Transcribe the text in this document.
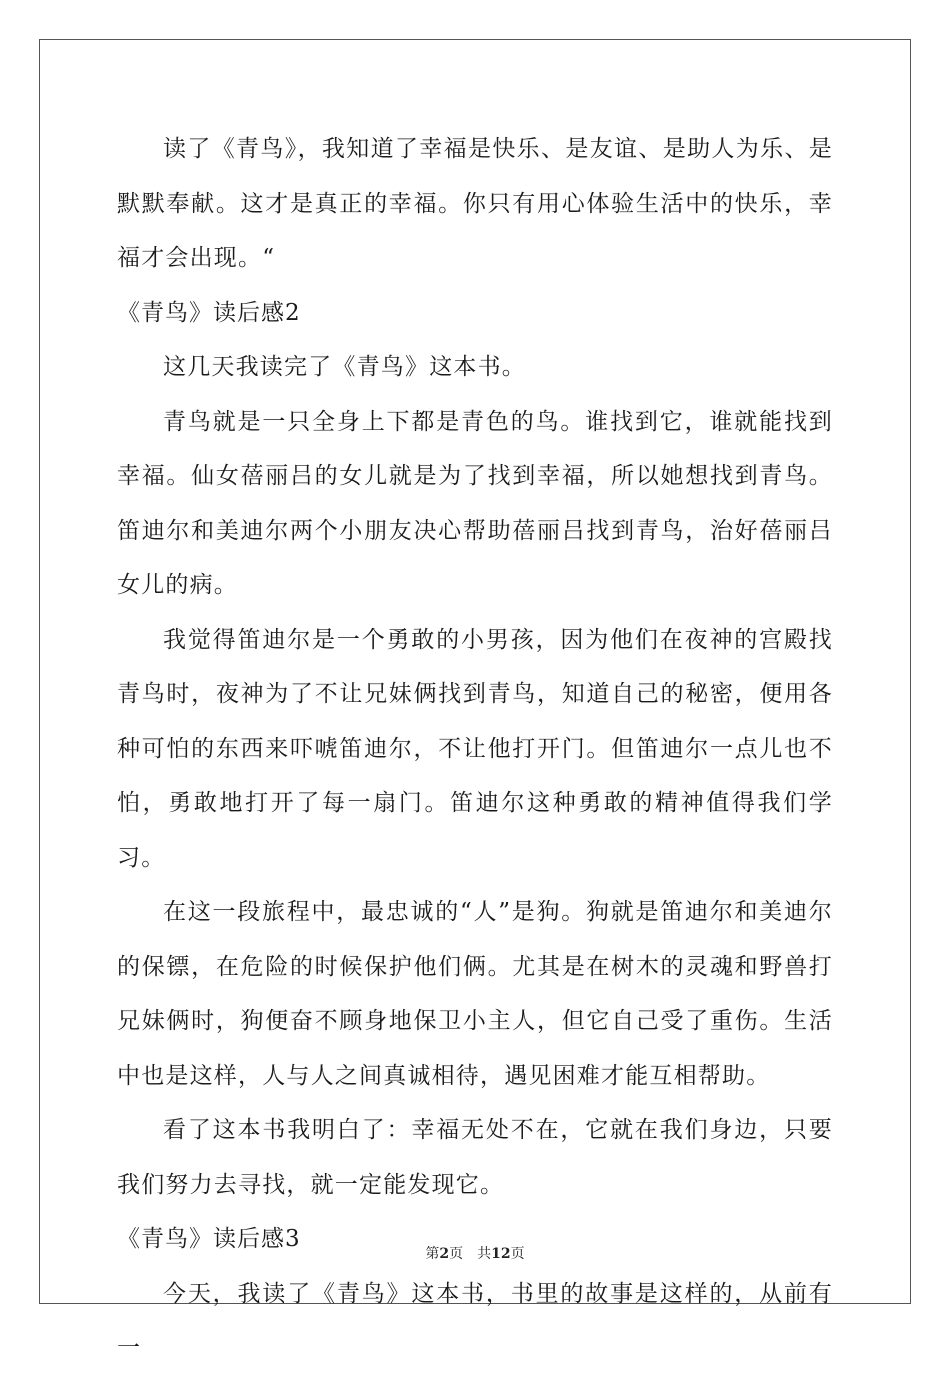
读了《青鸟》，我知道了幸福是快乐、是友谊、是助人为乐、是默默奉献。这才是真正的幸福。你只有用心体验生活中的快乐，幸福才会出现。“

《青鸟》读后感2

这几天我读完了《青鸟》这本书。

青鸟就是一只全身上下都是青色的鸟。谁找到它，谁就能找到幸福。仙女蓓丽吕的女儿就是为了找到幸福，所以她想找到青鸟。笛迪尔和美迪尔两个小朋友决心帮助蓓丽吕找到青鸟，治好蓓丽吕女儿的病。

我觉得笛迪尔是一个勇敢的小男孩，因为他们在夜神的宫殿找青鸟时，夜神为了不让兄妹俩找到青鸟，知道自己的秘密，便用各种可怕的东西来吓唬笛迪尔，不让他打开门。但笛迪尔一点儿也不怕，勇敢地打开了每一扇门。笛迪尔这种勇敢的精神值得我们学习。

在这一段旅程中，最忠诚的“人”是狗。狗就是笛迪尔和美迪尔的保镖，在危险的时候保护他们俩。尤其是在树木的灵魂和野兽打兄妹俩时，狗便奋不顾身地保卫小主人，但它自己受了重伤。生活中也是这样，人与人之间真诚相待，遇见困难才能互相帮助。

看了这本书我明白了：幸福无处不在，它就在我们身边，只要我们努力去寻找，就一定能发现它。

《青鸟》读后感3

今天，我读了《青鸟》这本书，书里的故事是这样的，从前有一

第2页 共12页
